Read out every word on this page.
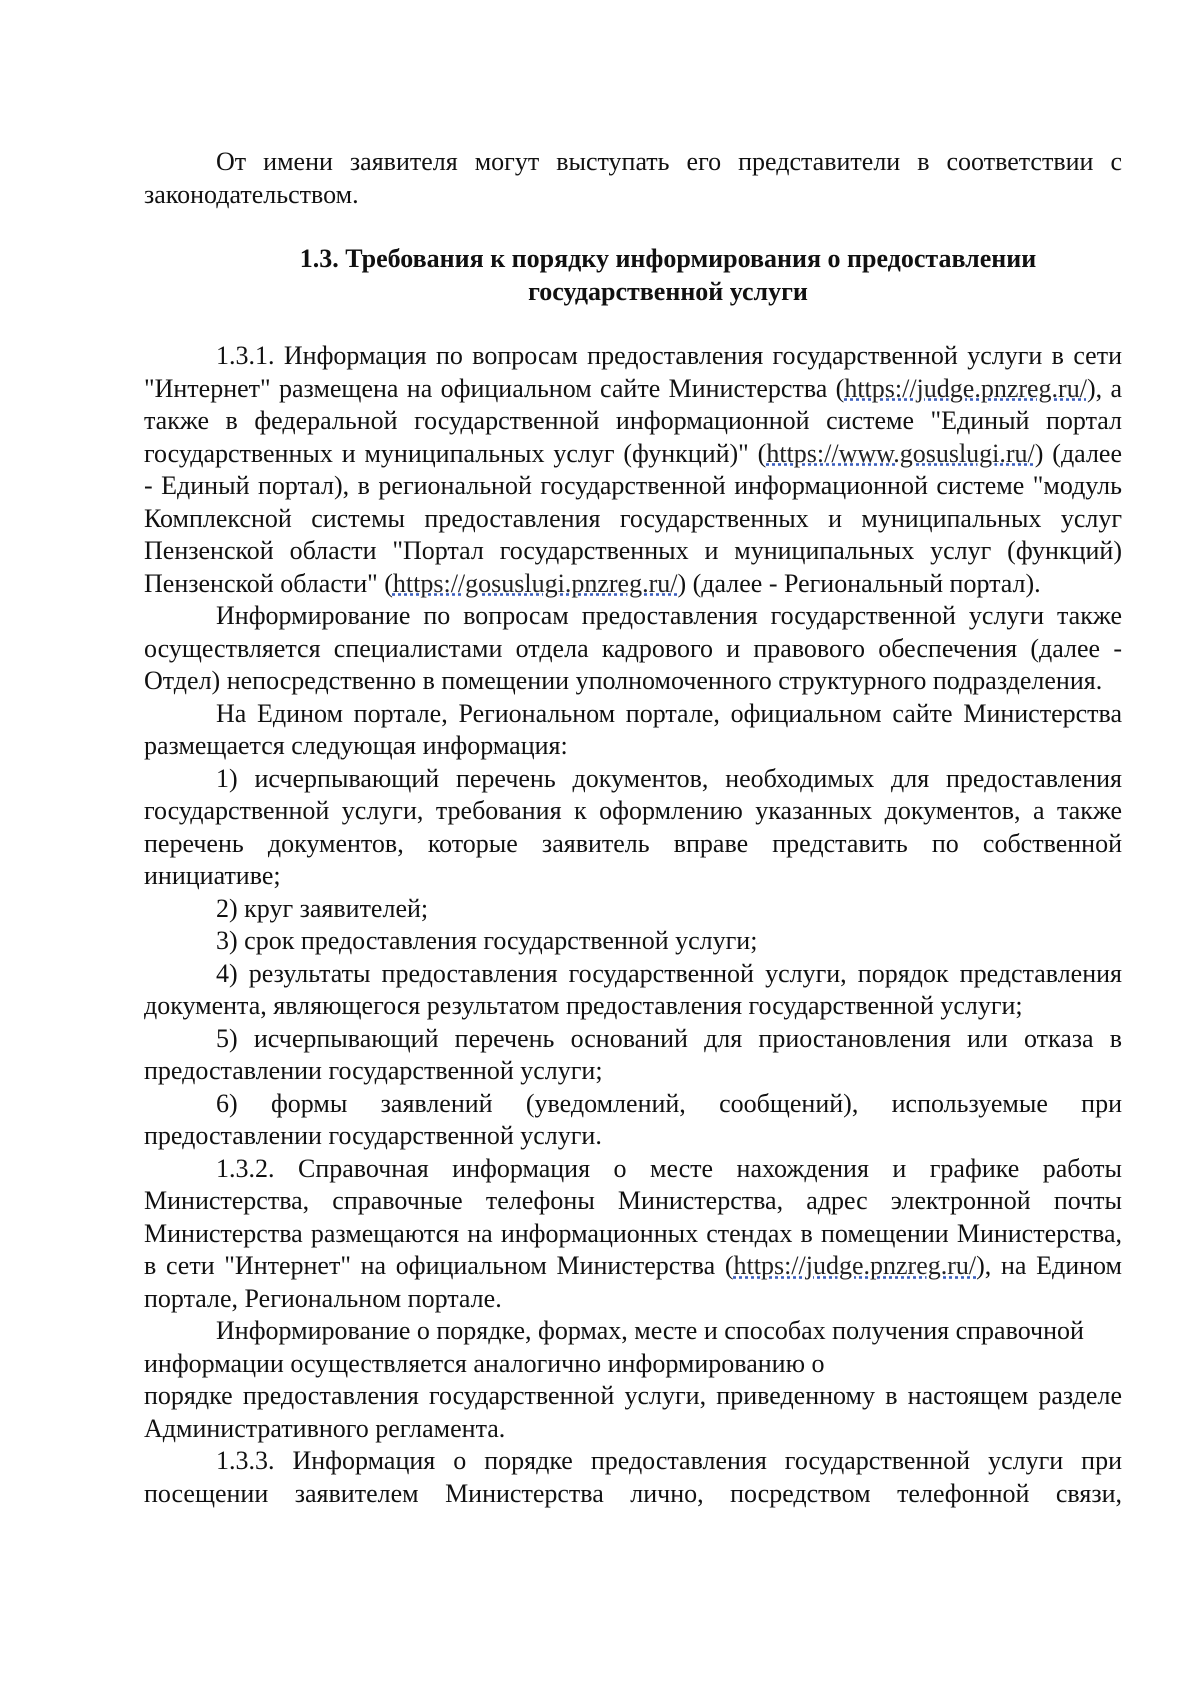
От имени заявителя могут выступать его представители в соответствии с законодательством.

1.3. Требования к порядку информирования о предоставлении государственной услуги

1.3.1. Информация по вопросам предоставления государственной услуги в сети "Интернет" размещена на официальном сайте Министерства (https://judge.pnzreg.ru/), а также в федеральной государственной информационной системе "Единый портал государственных и муниципальных услуг (функций)" (https://www.gosuslugi.ru/) (далее - Единый портал), в региональной государственной информационной системе "модуль Комплексной системы предоставления государственных и муниципальных услуг Пензенской области "Портал государственных и муниципальных услуг (функций) Пензенской области" (https://gosuslugi.pnzreg.ru/) (далее - Региональный портал).

Информирование по вопросам предоставления государственной услуги также осуществляется специалистами отдела кадрового и правового обеспечения (далее - Отдел) непосредственно в помещении уполномоченного структурного подразделения.

На Едином портале, Региональном портале, официальном сайте Министерства размещается следующая информация:

1) исчерпывающий перечень документов, необходимых для предоставления государственной услуги, требования к оформлению указанных документов, а также перечень документов, которые заявитель вправе представить по собственной инициативе;

2) круг заявителей;

3) срок предоставления государственной услуги;

4) результаты предоставления государственной услуги, порядок представления документа, являющегося результатом предоставления государственной услуги;

5) исчерпывающий перечень оснований для приостановления или отказа в предоставлении государственной услуги;

6) формы заявлений (уведомлений, сообщений), используемые при предоставлении государственной услуги.

1.3.2. Справочная информация о месте нахождения и графике работы Министерства, справочные телефоны Министерства, адрес электронной почты Министерства размещаются на информационных стендах в помещении Министерства, в сети "Интернет" на официальном Министерства (https://judge.pnzreg.ru/), на Едином портале, Региональном портале.

Информирование о порядке, формах, месте и способах получения справочной информации осуществляется аналогично информированию о

порядке предоставления государственной услуги, приведенному в настоящем разделе Административного регламента.

1.3.3. Информация о порядке предоставления государственной услуги при посещении заявителем Министерства лично, посредством телефонной связи,
